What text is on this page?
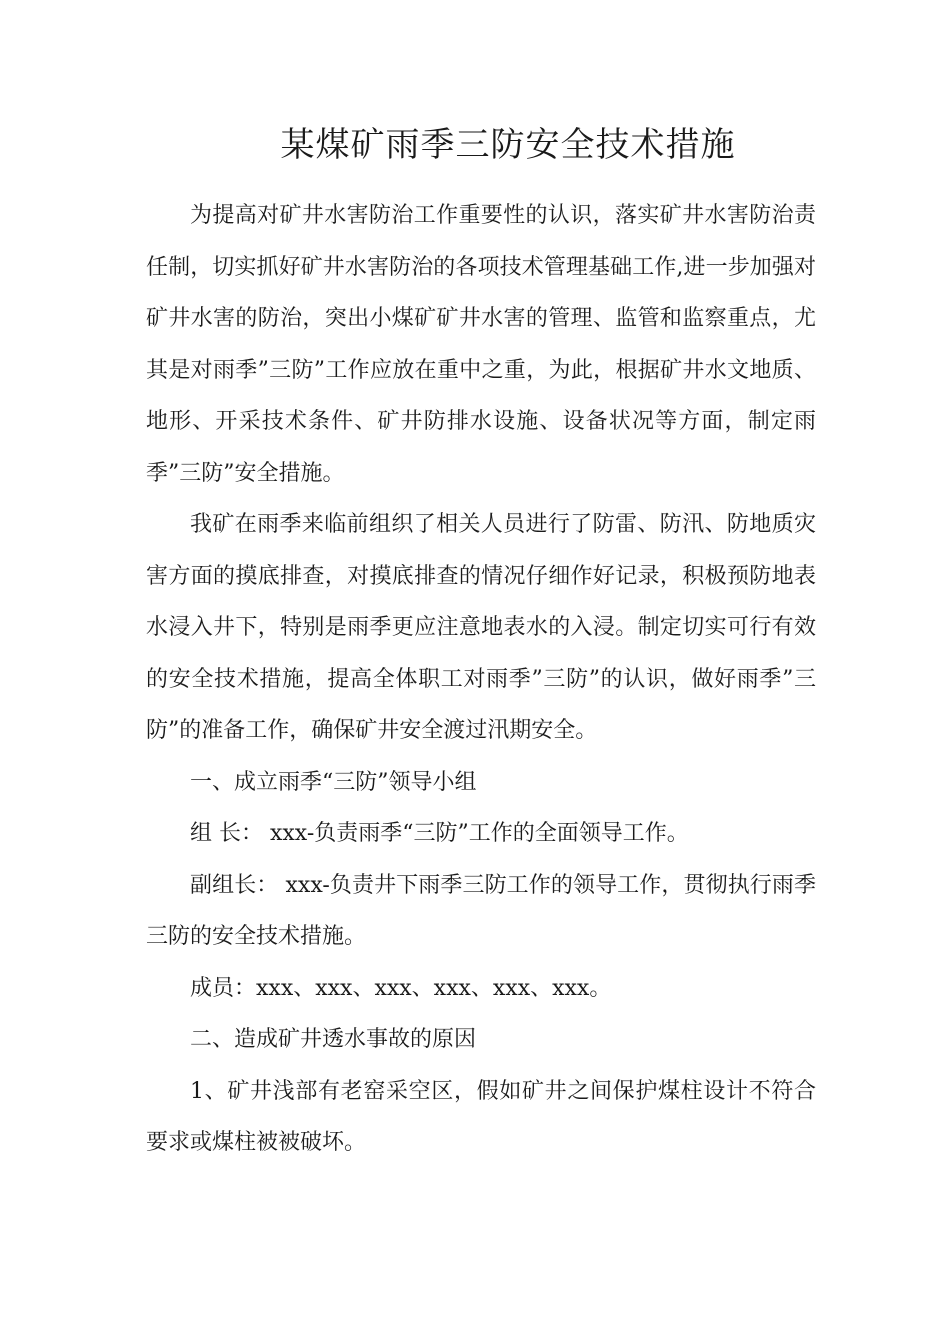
某煤矿雨季三防安全技术措施

为提高对矿井水害防治工作重要性的认识，落实矿井水害防治责任制，切实抓好矿井水害防治的各项技术管理基础工作,进一步加强对矿井水害的防治，突出小煤矿矿井水害的管理、监管和监察重点，尤其是对雨季”三防”工作应放在重中之重，为此，根据矿井水文地质、地形、开采技术条件、矿井防排水设施、设备状况等方面，制定雨季”三防”安全措施。

我矿在雨季来临前组织了相关人员进行了防雷、防汛、防地质灾害方面的摸底排查，对摸底排查的情况仔细作好记录，积极预防地表水浸入井下，特别是雨季更应注意地表水的入浸。制定切实可行有效的安全技术措施，提高全体职工对雨季”三防”的认识，做好雨季”三防”的准备工作，确保矿井安全渡过汛期安全。

一、成立雨季“三防”领导小组

组 长： xxx-负责雨季“三防”工作的全面领导工作。

副组长： xxx-负责井下雨季三防工作的领导工作，贯彻执行雨季三防的安全技术措施。

成员：xxx、xxx、xxx、xxx、xxx、xxx。

二、造成矿井透水事故的原因

1、矿井浅部有老窑采空区，假如矿井之间保护煤柱设计不符合要求或煤柱被被破坏。
